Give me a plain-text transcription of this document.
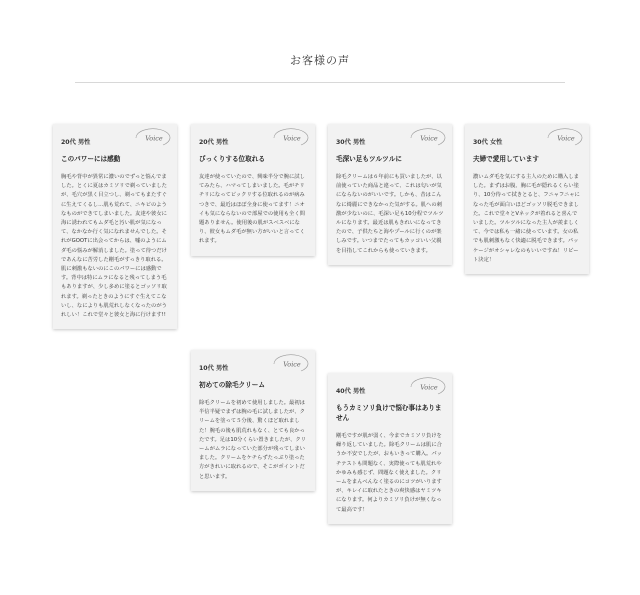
お客様の声
Voice
20代 男性
このパワーには感動
胸毛や背中が異常に濃いのでずっと悩んでました。とくに夏はカミソリで剃っていましたが、毛穴が黒く目立つし、剃ってもまたすぐに生えてくるし…肌も荒れて、ニキビのようなものができてしまいました。友達や彼女に海に誘われてもムダ毛と汚い肌が気になって、なかなか行く気になれませんでした。それがGOOTに出会ってからは、嘘のようにムダ毛の悩みが解消しました。塗って待つだけであんなに苦労した剛毛がすっきり取れる。肌に刺激もないのにこのパワーには感動です。背中は特にムラになると残ってしまう毛もありますが、少し多めに塗るとゴッソリ取れます。剃ったときのようにすぐ生えてこないし、なによりも肌荒れしなくなったのがうれしい！これで堂々と彼女と海に行けます!!
Voice
20代 男性
びっくりする位取れる
友達が使っていたので、興味半分で腕に試してみたら、ハマってしまいました。毛がチリチリになってビックリする位取れるのが病みつきで、最近はほぼ全身に使ってます！ニオイも気にならないので部屋での使用も全く問題ありません。使用後の肌がスベスベになり、彼女もムダ毛が無い方がいいと言ってくれます。
Voice
30代 男性
毛深い足もツルツルに
除毛クリームは６年前にも買いましたが、以前使っていた商品と違って、これは匂いが気にならないのがいいです。しかも、昔はこんなに綺麗にできなかった気がする。肌への刺激が少ないのに、毛深い足も10分程でツルツルになります。最近は肌もきれいになってきたので、子供たちと海やプールに行くのが楽しみです。いつまでたってもカッコいい父親を目指してこれからも使っていきます。
Voice
30代 女性
夫婦で愛用しています
濃いムダ毛を気にする主人のために購入しました。まずはお腹、胸に毛が隠れるくらい塗り、10分待って拭きとると、フニャフニャになった毛が面白いほどゴッソリ脱毛できました。これで堂々とVネックが着れると喜んでいました。ツルツルになった主人が羨ましくて、今では私も一緒に使っています。女の私でも肌刺激もなく快適に脱毛できます。パッケージがオシャレなのもいいですね！リピート決定！
Voice
10代 男性
初めての除毛クリーム
除毛クリームを初めて使用しました。最初は半信半疑でまずは腕の毛に試しましたが、クリームを塗って５分後、驚くほど取れました！腕毛の後も肌荒れもなく、とても良かったです。足は10分くらい置きましたが、クリームがムラになっていた部分が残ってしまいました。クリームをケチらずたっぷり塗った方がきれいに取れるので、そこがポイントだと思います。
Voice
40代 男性
もうカミソリ負けで悩む事はありません
剛毛ですが肌が弱く、今までカミソリ負けを繰り返していました。除毛クリームは肌に合うか不安でしたが、おもいきって購入。パッチテストも問題なく、実際使っても肌荒れやかゆみも感じず、問題なく使えました。クリームをまんべんなく塗るのにコツがいりますが、キレイに取れたときの爽快感はヤミツキになります。何よりカミソリ負けが無くなって最高です！
